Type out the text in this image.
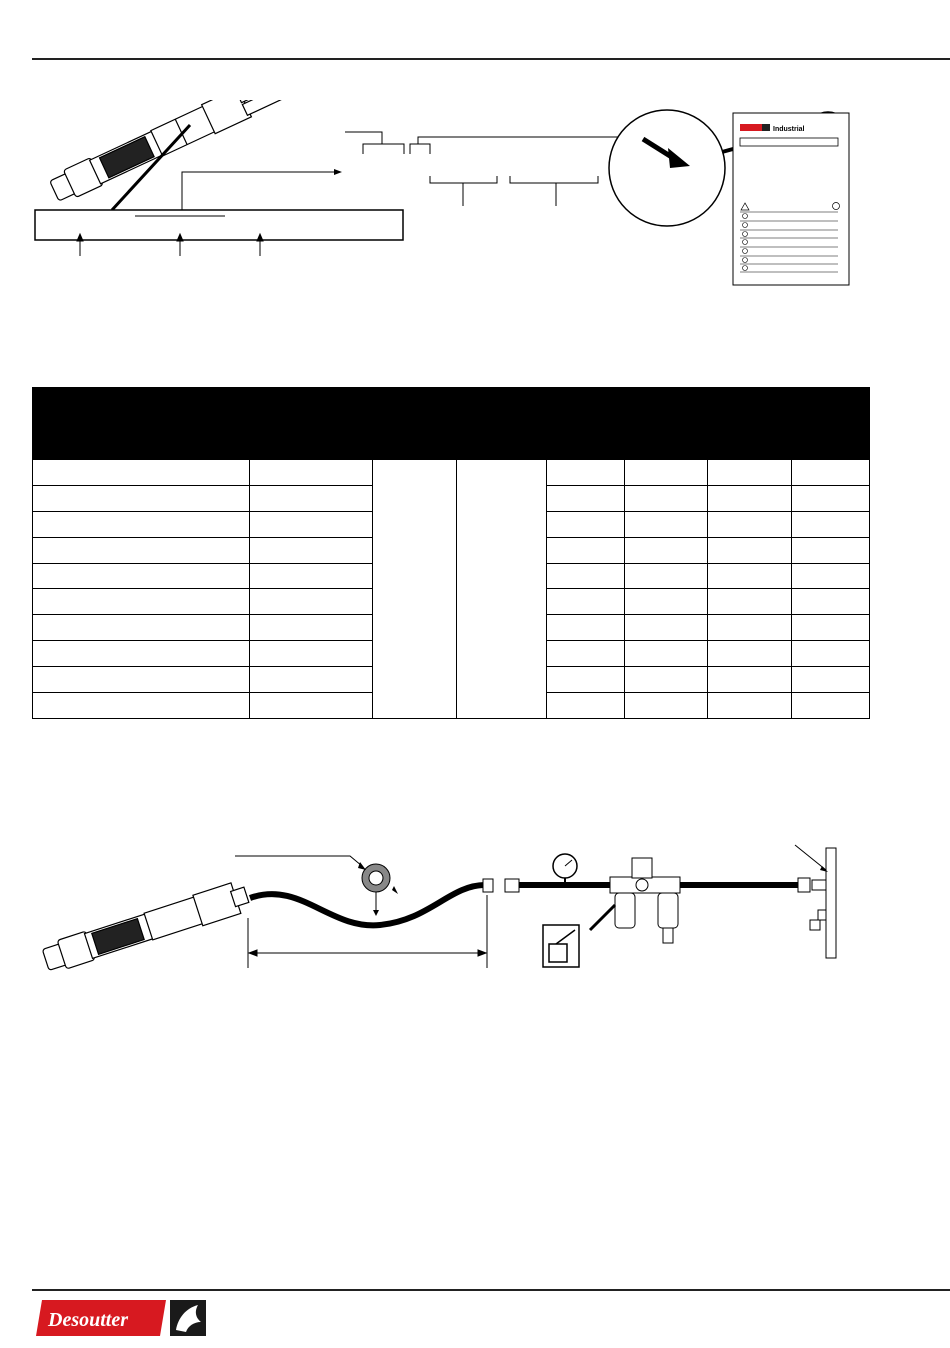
Industrial

Desoutter
